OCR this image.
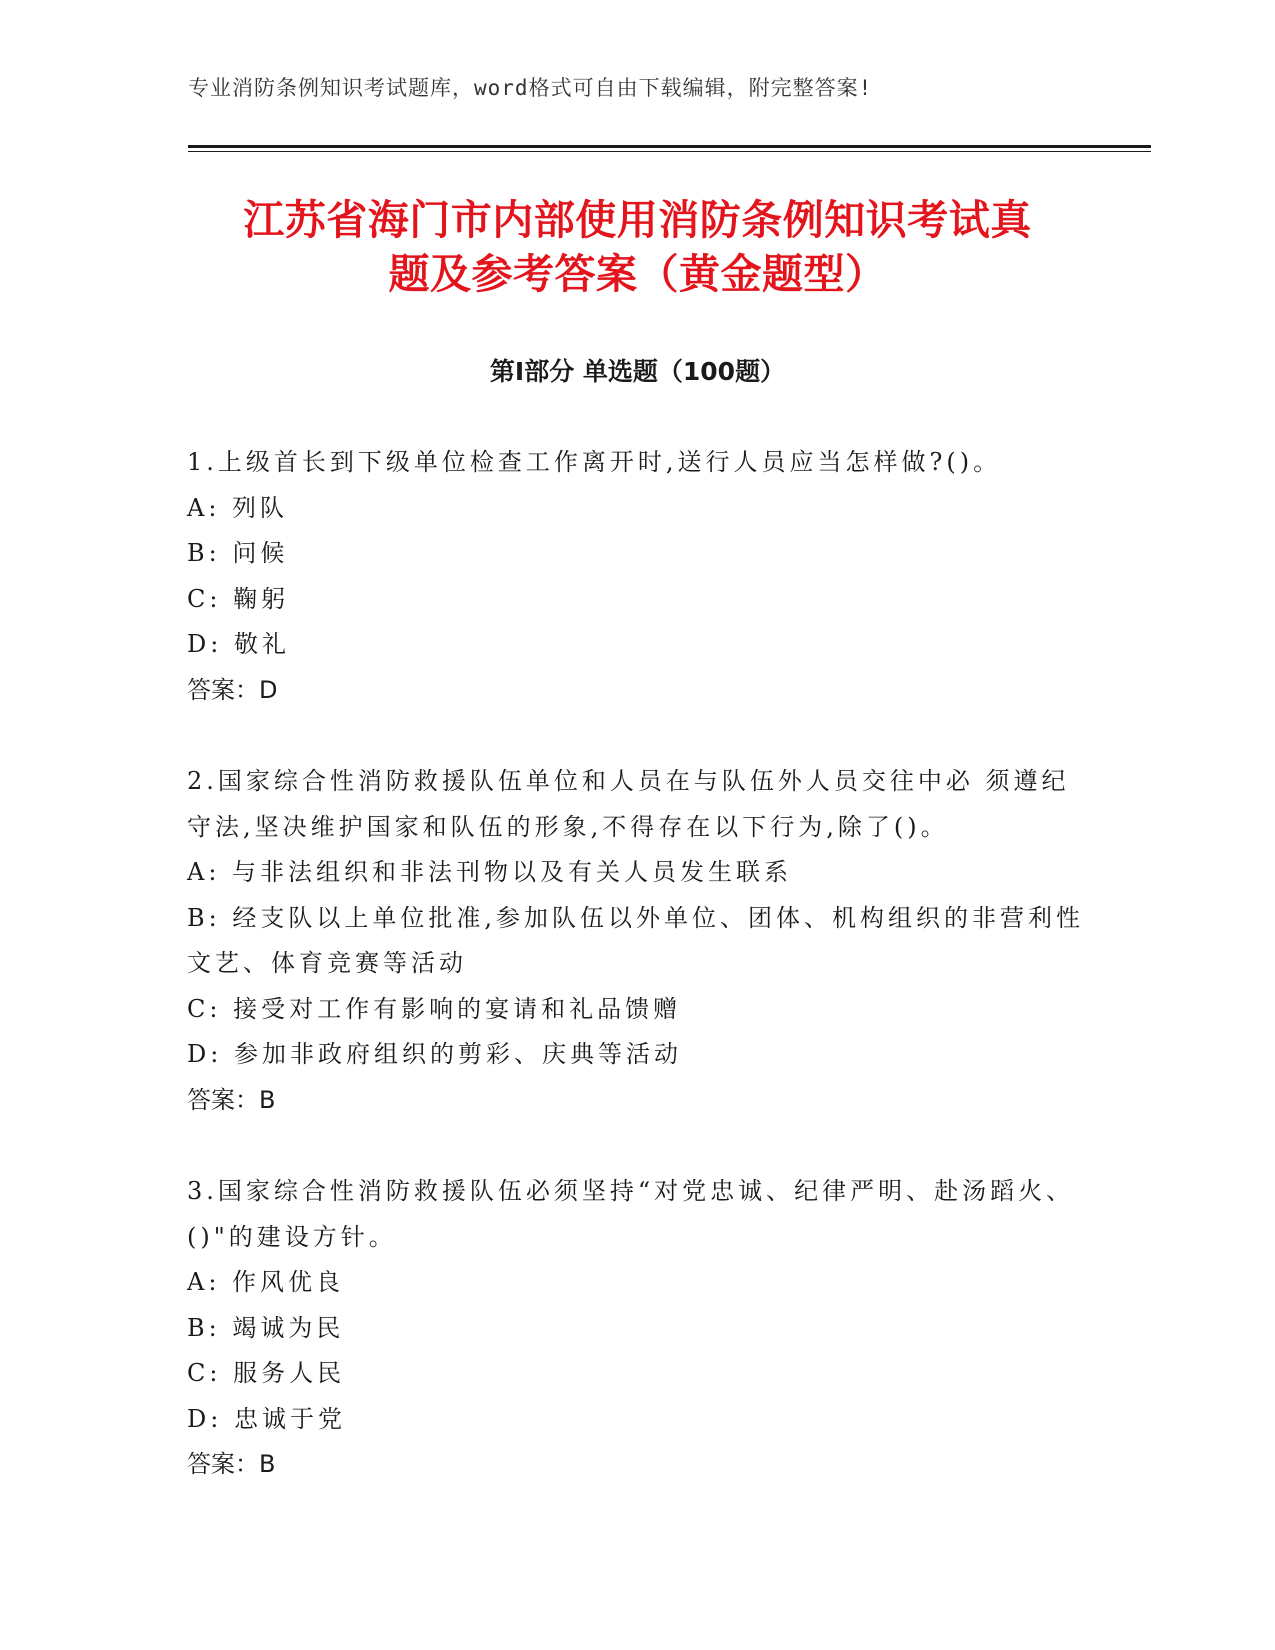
专业消防条例知识考试题库，word格式可自由下载编辑，附完整答案!
江苏省海门市内部使用消防条例知识考试真
题及参考答案（黄金题型）
第Ⅰ部分 单选题（100题）

1.上级首长到下级单位检查工作离开时,送行人员应当怎样做?()。

A: 列队

B: 问候

C: 鞠躬

D: 敬礼

答案：D

2.国家综合性消防救援队伍单位和人员在与队伍外人员交往中必 须遵纪守法,坚决维护国家和队伍的形象,不得存在以下行为,除了()。

A: 与非法组织和非法刊物以及有关人员发生联系

B: 经支队以上单位批准,参加队伍以外单位、团体、机构组织的非营利性文艺、体育竞赛等活动

C: 接受对工作有影响的宴请和礼品馈赠

D: 参加非政府组织的剪彩、庆典等活动

答案：B

3.国家综合性消防救援队伍必须坚持“对党忠诚、纪律严明、赴汤蹈火、()"的建设方针。

A: 作风优良

B: 竭诚为民

C: 服务人民

D: 忠诚于党

答案：B
